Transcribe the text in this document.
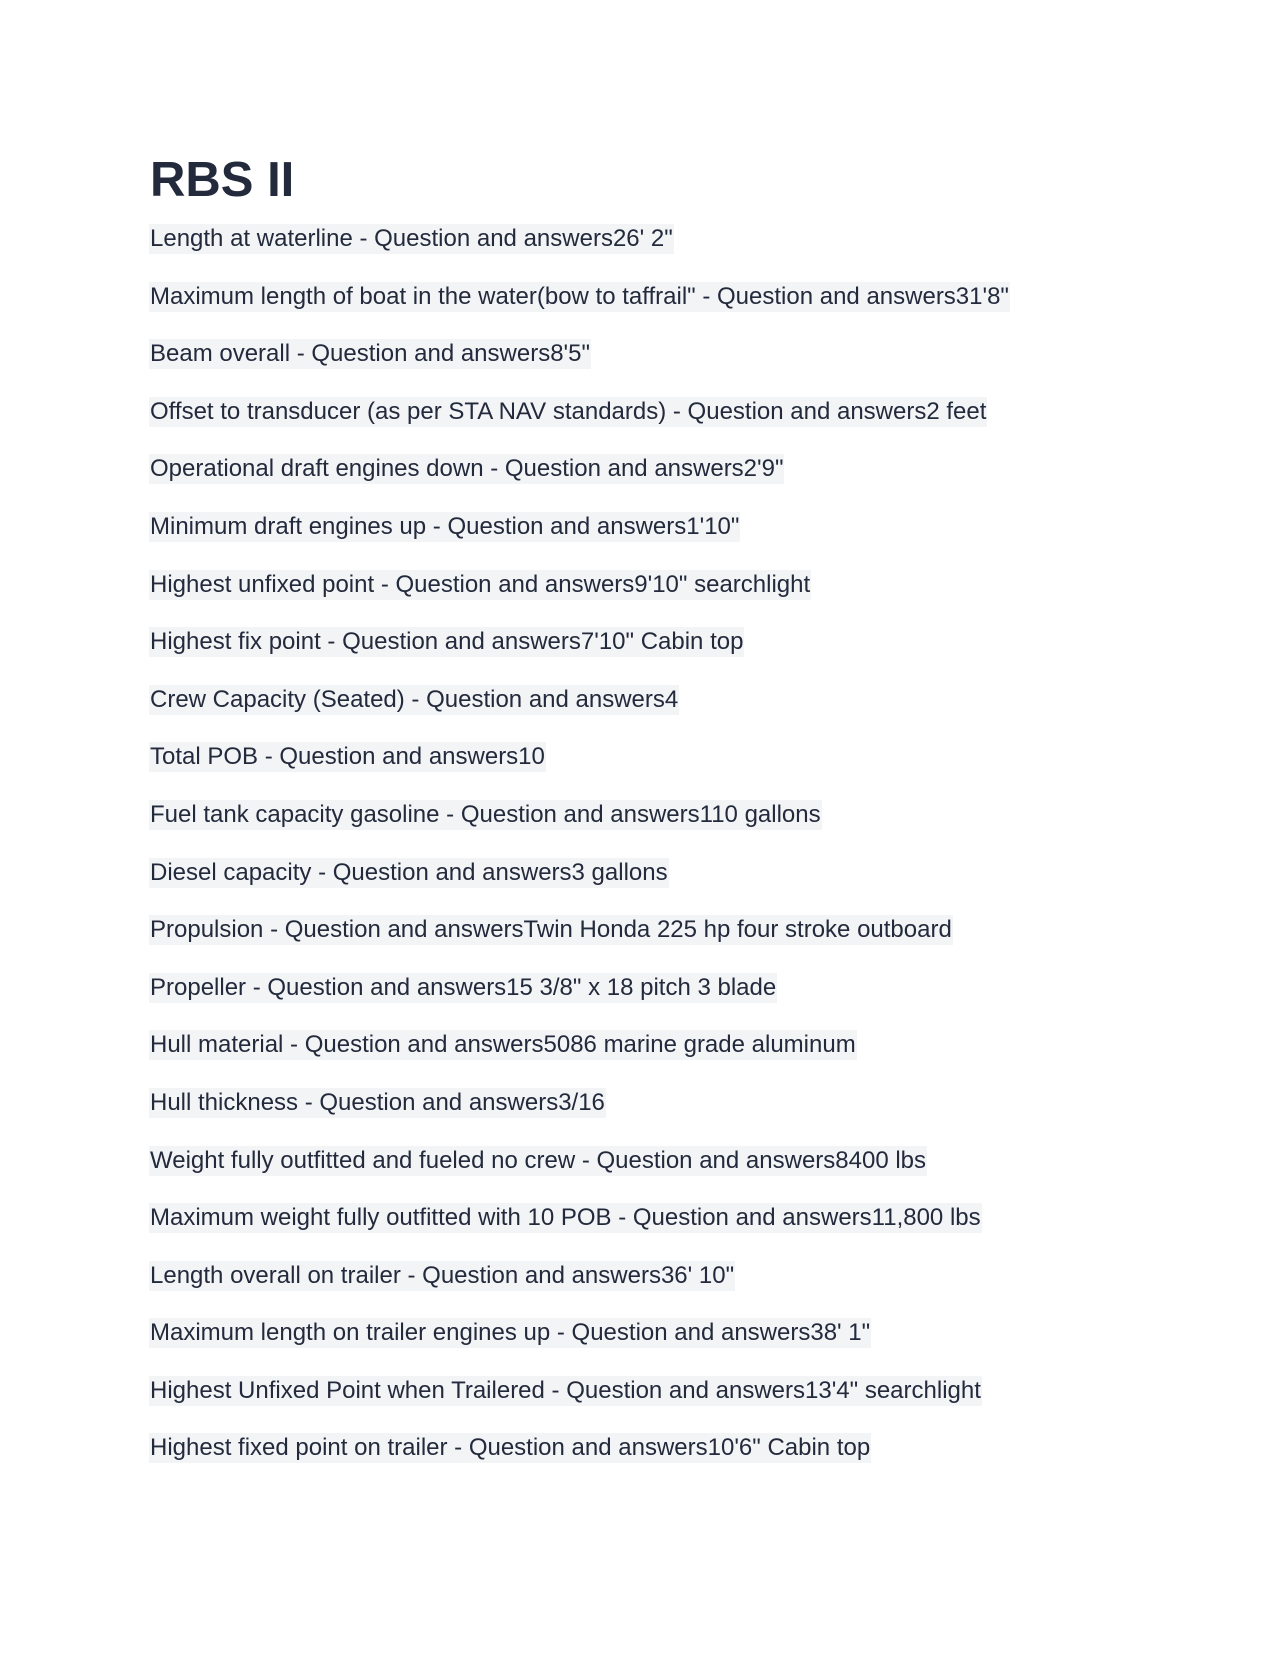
RBS II
Length at waterline - Question and answers26' 2"
Maximum length of boat in the water(bow to taffrail" - Question and answers31'8"
Beam overall - Question and answers8'5"
Offset to transducer (as per STA NAV standards) - Question and answers2 feet
Operational draft engines down - Question and answers2'9"
Minimum draft engines up - Question and answers1'10"
Highest unfixed point - Question and answers9'10" searchlight
Highest fix point - Question and answers7'10" Cabin top
Crew Capacity (Seated) - Question and answers4
Total POB - Question and answers10
Fuel tank capacity gasoline - Question and answers110 gallons
Diesel capacity - Question and answers3 gallons
Propulsion - Question and answersTwin Honda 225 hp four stroke outboard
Propeller - Question and answers15 3/8" x 18 pitch 3 blade
Hull material - Question and answers5086 marine grade aluminum
Hull thickness - Question and answers3/16
Weight fully outfitted and fueled no crew - Question and answers8400 lbs
Maximum weight fully outfitted with 10 POB - Question and answers11,800 lbs
Length overall on trailer - Question and answers36' 10"
Maximum length on trailer engines up - Question and answers38' 1"
Highest Unfixed Point when Trailered - Question and answers13'4" searchlight
Highest fixed point on trailer - Question and answers10'6" Cabin top
